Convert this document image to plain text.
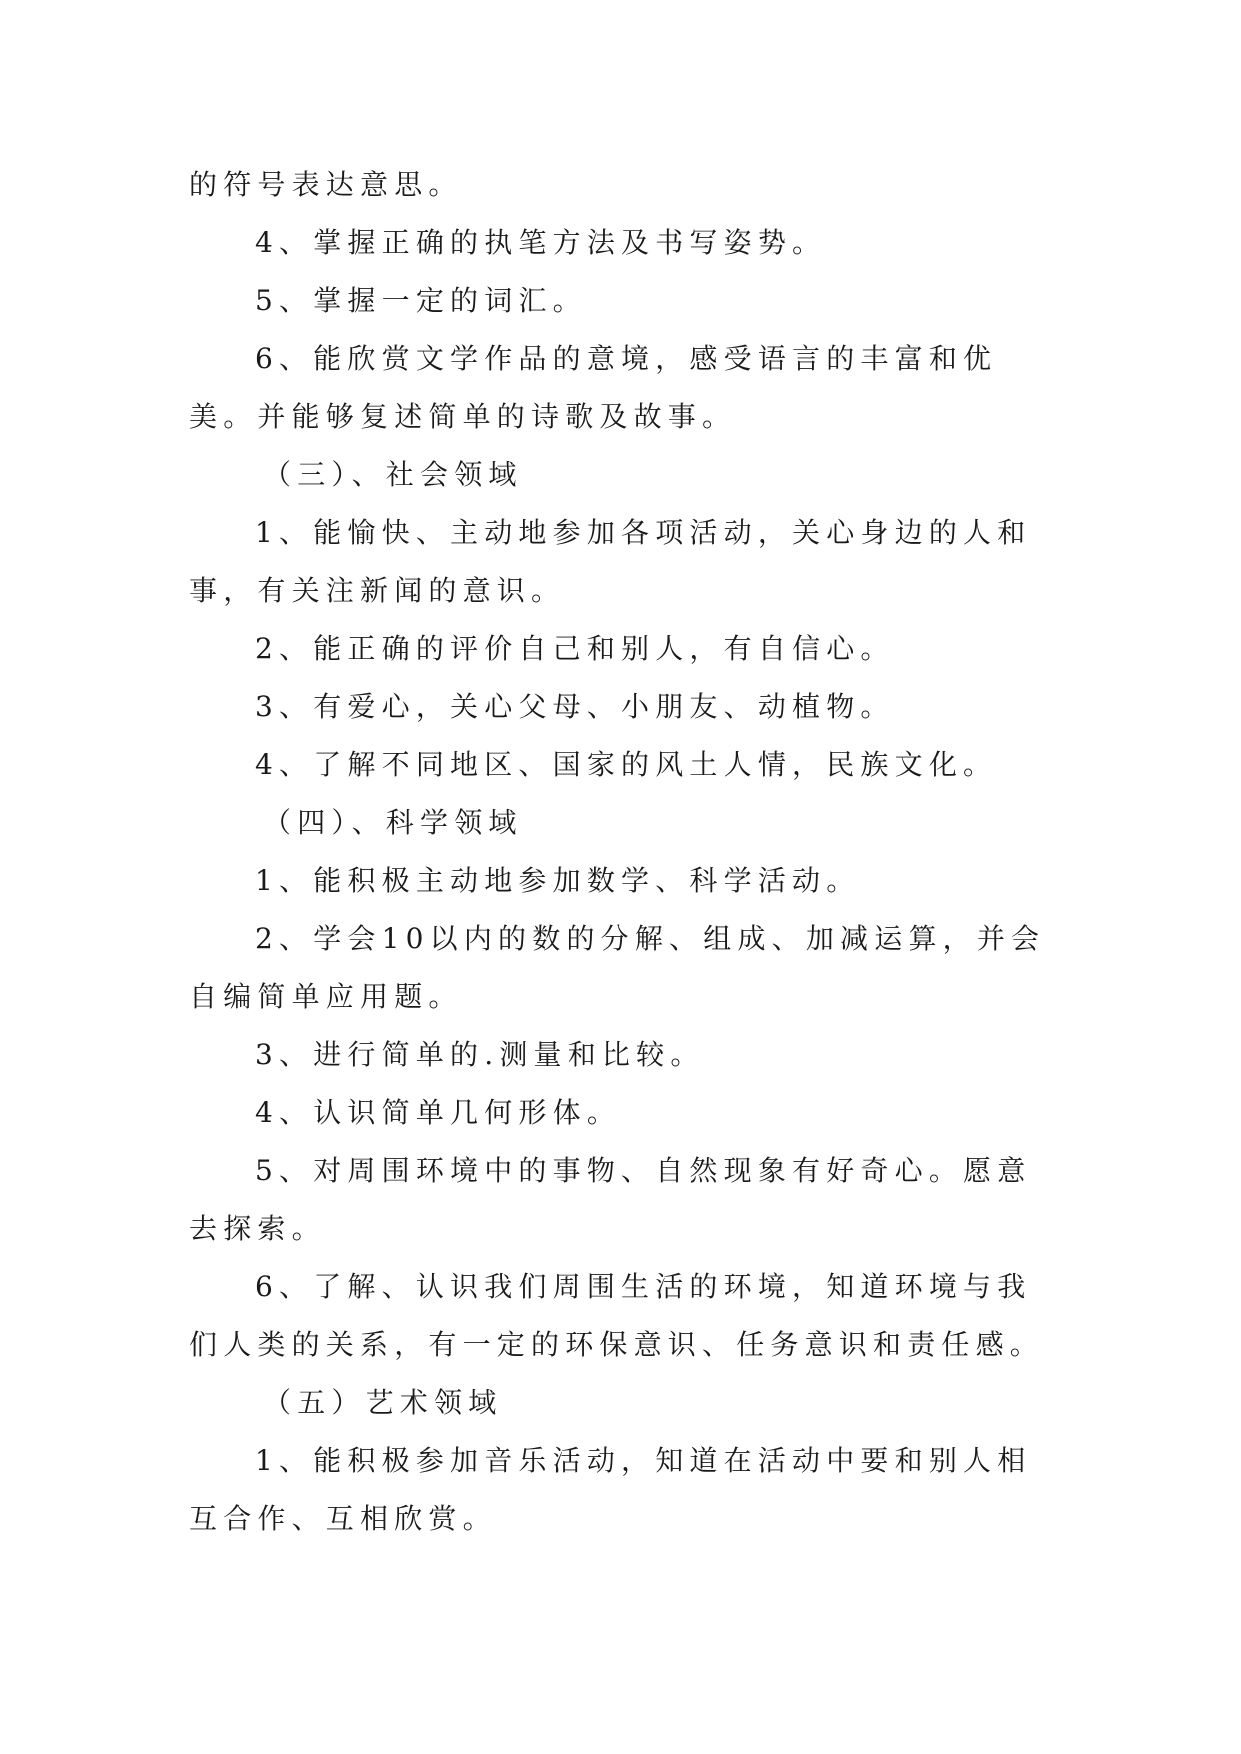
的符号表达意思。

4、掌握正确的执笔方法及书写姿势。

5、掌握一定的词汇。

6、能欣赏文学作品的意境，感受语言的丰富和优美。并能够复述简单的诗歌及故事。

（三）、社会领域

1、能愉快、主动地参加各项活动，关心身边的人和事，有关注新闻的意识。

2、能正确的评价自己和别人，有自信心。

3、有爱心，关心父母、小朋友、动植物。

4、了解不同地区、国家的风土人情，民族文化。

（四）、科学领域

1、能积极主动地参加数学、科学活动。

2、学会10以内的数的分解、组成、加减运算，并会自编简单应用题。

3、进行简单的.测量和比较。

4、认识简单几何形体。

5、对周围环境中的事物、自然现象有好奇心。愿意去探索。

6、了解、认识我们周围生活的环境，知道环境与我们人类的关系，有一定的环保意识、任务意识和责任感。

（五）艺术领域

1、能积极参加音乐活动，知道在活动中要和别人相互合作、互相欣赏。
